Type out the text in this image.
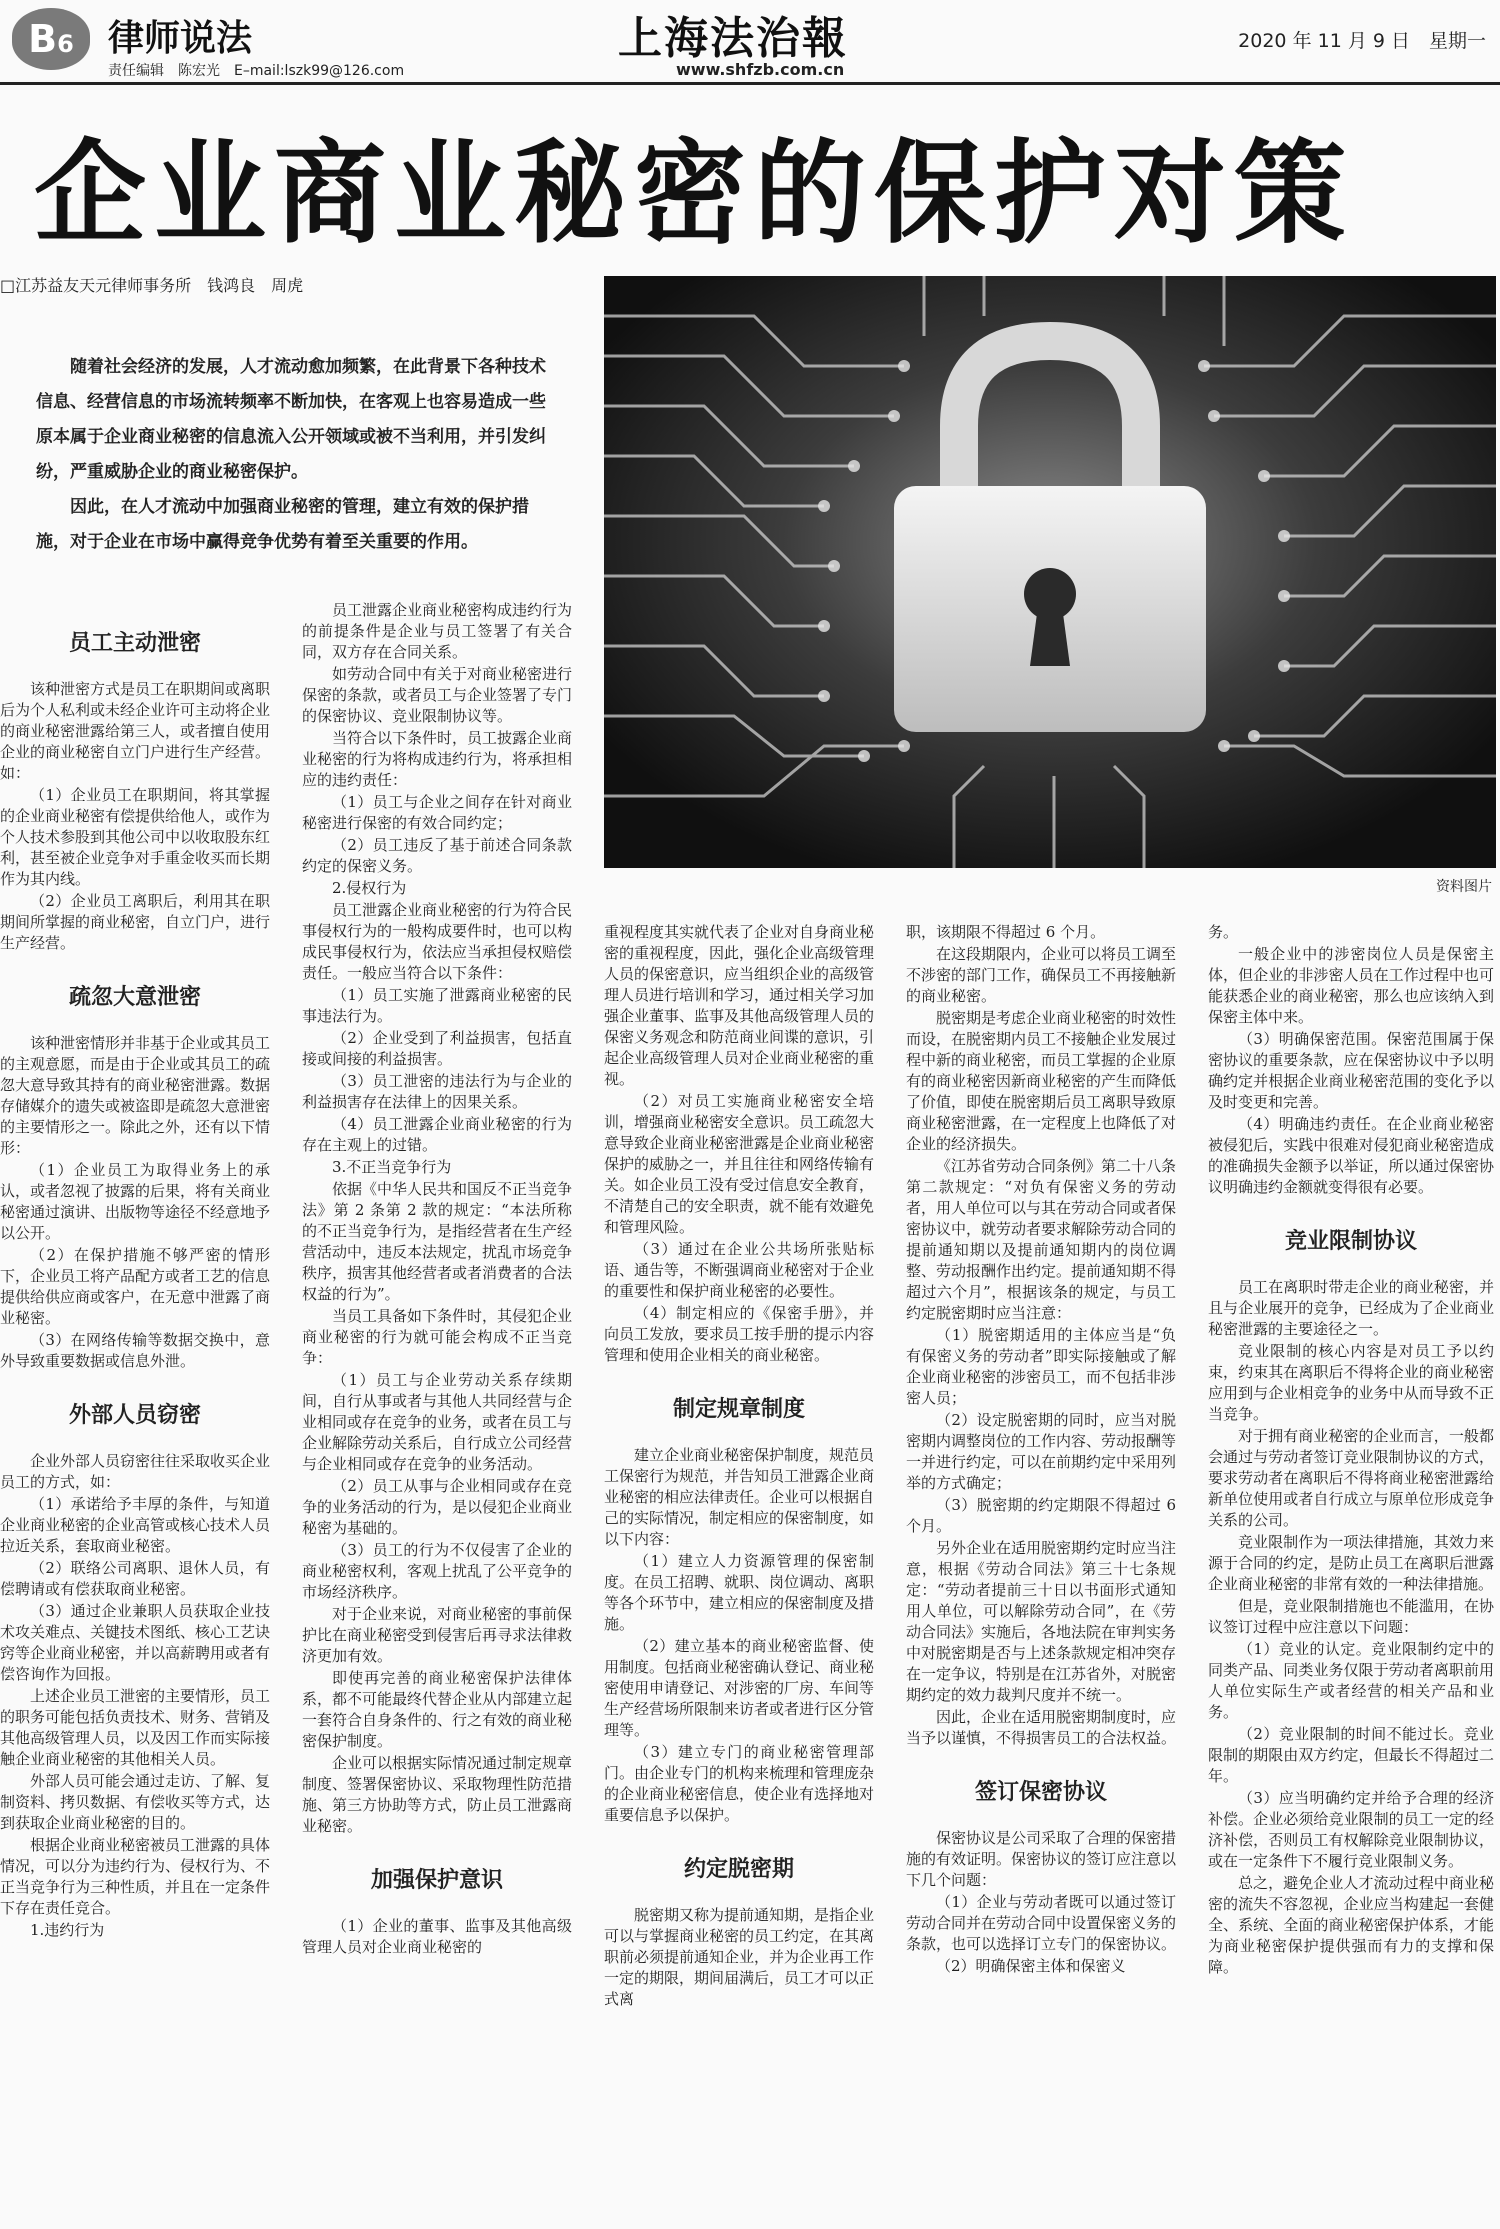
B 6 律师说法
责任编辑　陈宏光　E–mail:lszk99@126.com
上海法治報
www.shfzb.com.cn
2020 年 11 月 9 日　星期一
企业商业秘密的保护对策
□江苏益友天元律师事务所　钱鸿良　周虎

随着社会经济的发展，人才流动愈加频繁，在此背景下各种技术信息、经营信息的市场流转频率不断加快，在客观上也容易造成一些原本属于企业商业秘密的信息流入公开领域或被不当利用，并引发纠纷，严重威胁企业的商业秘密保护。

因此，在人才流动中加强商业秘密的管理，建立有效的保护措施，对于企业在市场中赢得竞争优势有着至关重要的作用。

资料图片
员工主动泄密

该种泄密方式是员工在职期间或离职后为个人私利或未经企业许可主动将企业的商业秘密泄露给第三人，或者擅自使用企业的商业秘密自立门户进行生产经营。如：

（1）企业员工在职期间，将其掌握的企业商业秘密有偿提供给他人，或作为个人技术参股到其他公司中以收取股东红利，甚至被企业竞争对手重金收买而长期作为其内线。

（2）企业员工离职后，利用其在职期间所掌握的商业秘密，自立门户，进行生产经营。

疏忽大意泄密

该种泄密情形并非基于企业或其员工的主观意愿，而是由于企业或其员工的疏忽大意导致其持有的商业秘密泄露。数据存储媒介的遗失或被盗即是疏忽大意泄密的主要情形之一。除此之外，还有以下情形：

（1）企业员工为取得业务上的承认，或者忽视了披露的后果，将有关商业秘密通过演讲、出版物等途径不经意地予以公开。

（2）在保护措施不够严密的情形下，企业员工将产品配方或者工艺的信息提供给供应商或客户，在无意中泄露了商业秘密。

（3）在网络传输等数据交换中，意外导致重要数据或信息外泄。

外部人员窃密

企业外部人员窃密往往采取收买企业员工的方式，如：

（1）承诺给予丰厚的条件，与知道企业商业秘密的企业高管或核心技术人员拉近关系，套取商业秘密。

（2）联络公司离职、退休人员，有偿聘请或有偿获取商业秘密。

（3）通过企业兼职人员获取企业技术攻关难点、关键技术图纸、核心工艺诀窍等企业商业秘密，并以高薪聘用或者有偿咨询作为回报。

上述企业员工泄密的主要情形，员工的职务可能包括负责技术、财务、营销及其他高级管理人员，以及因工作而实际接触企业商业秘密的其他相关人员。

外部人员可能会通过走访、了解、复制资料、拷贝数据、有偿收买等方式，达到获取企业商业秘密的目的。

根据企业商业秘密被员工泄露的具体情况，可以分为违约行为、侵权行为、不正当竞争行为三种性质，并且在一定条件下存在责任竞合。

1.违约行为

员工泄露企业商业秘密构成违约行为的前提条件是企业与员工签署了有关合同，双方存在合同关系。

如劳动合同中有关于对商业秘密进行保密的条款，或者员工与企业签署了专门的保密协议、竞业限制协议等。

当符合以下条件时，员工披露企业商业秘密的行为将构成违约行为，将承担相应的违约责任：

（1）员工与企业之间存在针对商业秘密进行保密的有效合同约定；

（2）员工违反了基于前述合同条款约定的保密义务。

2.侵权行为

员工泄露企业商业秘密的行为符合民事侵权行为的一般构成要件时，也可以构成民事侵权行为，依法应当承担侵权赔偿责任。一般应当符合以下条件：

（1）员工实施了泄露商业秘密的民事违法行为。

（2）企业受到了利益损害，包括直接或间接的利益损害。

（3）员工泄密的违法行为与企业的利益损害存在法律上的因果关系。

（4）员工泄露企业商业秘密的行为存在主观上的过错。

3.不正当竞争行为

依据《中华人民共和国反不正当竞争法》第 2 条第 2 款的规定：“本法所称的不正当竞争行为，是指经营者在生产经营活动中，违反本法规定，扰乱市场竞争秩序，损害其他经营者或者消费者的合法权益的行为”。

当员工具备如下条件时，其侵犯企业商业秘密的行为就可能会构成不正当竞争：

（1）员工与企业劳动关系存续期间，自行从事或者与其他人共同经营与企业相同或存在竞争的业务，或者在员工与企业解除劳动关系后，自行成立公司经营与企业相同或存在竞争的业务活动。

（2）员工从事与企业相同或存在竞争的业务活动的行为，是以侵犯企业商业秘密为基础的。

（3）员工的行为不仅侵害了企业的商业秘密权利，客观上扰乱了公平竞争的市场经济秩序。

对于企业来说，对商业秘密的事前保护比在商业秘密受到侵害后再寻求法律救济更加有效。

即使再完善的商业秘密保护法律体系，都不可能最终代替企业从内部建立起一套符合自身条件的、行之有效的商业秘密保护制度。

企业可以根据实际情况通过制定规章制度、签署保密协议、采取物理性防范措施、第三方协助等方式，防止员工泄露商业秘密。

加强保护意识

（1）企业的董事、监事及其他高级管理人员对企业商业秘密的

重视程度其实就代表了企业对自身商业秘密的重视程度，因此，强化企业高级管理人员的保密意识，应当组织企业的高级管理人员进行培训和学习，通过相关学习加强企业董事、监事及其他高级管理人员的保密义务观念和防范商业间谍的意识，引起企业高级管理人员对企业商业秘密的重视。

（2）对员工实施商业秘密安全培训，增强商业秘密安全意识。员工疏忽大意导致企业商业秘密泄露是企业商业秘密保护的威胁之一，并且往往和网络传输有关。如企业员工没有受过信息安全教育，不清楚自己的安全职责，就不能有效避免和管理风险。

（3）通过在企业公共场所张贴标语、通告等，不断强调商业秘密对于企业的重要性和保护商业秘密的必要性。

（4）制定相应的《保密手册》，并向员工发放，要求员工按手册的提示内容管理和使用企业相关的商业秘密。

制定规章制度

建立企业商业秘密保护制度，规范员工保密行为规范，并告知员工泄露企业商业秘密的相应法律责任。企业可以根据自己的实际情况，制定相应的保密制度，如以下内容：

（1）建立人力资源管理的保密制度。在员工招聘、就职、岗位调动、离职等各个环节中，建立相应的保密制度及措施。

（2）建立基本的商业秘密监督、使用制度。包括商业秘密确认登记、商业秘密使用申请登记、对涉密的厂房、车间等生产经营场所限制来访者或者进行区分管理等。

（3）建立专门的商业秘密管理部门。由企业专门的机构来梳理和管理庞杂的企业商业秘密信息，使企业有选择地对重要信息予以保护。

约定脱密期

脱密期又称为提前通知期，是指企业可以与掌握商业秘密的员工约定，在其离职前必须提前通知企业，并为企业再工作一定的期限，期间届满后，员工才可以正式离

职，该期限不得超过 6 个月。

在这段期限内，企业可以将员工调至不涉密的部门工作，确保员工不再接触新的商业秘密。

脱密期是考虑企业商业秘密的时效性而设，在脱密期内员工不接触企业发展过程中新的商业秘密，而员工掌握的企业原有的商业秘密因新商业秘密的产生而降低了价值，即使在脱密期后员工离职导致原商业秘密泄露，在一定程度上也降低了对企业的经济损失。

《江苏省劳动合同条例》第二十八条第二款规定：“对负有保密义务的劳动者，用人单位可以与其在劳动合同或者保密协议中，就劳动者要求解除劳动合同的提前通知期以及提前通知期内的岗位调整、劳动报酬作出约定。提前通知期不得超过六个月”，根据该条的规定，与员工约定脱密期时应当注意：

（1）脱密期适用的主体应当是“负有保密义务的劳动者”即实际接触或了解企业商业秘密的涉密员工，而不包括非涉密人员；

（2）设定脱密期的同时，应当对脱密期内调整岗位的工作内容、劳动报酬等一并进行约定，可以在前期约定中采用列举的方式确定；

（3）脱密期的约定期限不得超过 6 个月。

另外企业在适用脱密期约定时应当注意，根据《劳动合同法》第三十七条规定：“劳动者提前三十日以书面形式通知用人单位，可以解除劳动合同”，在《劳动合同法》实施后，各地法院在审判实务中对脱密期是否与上述条款规定相冲突存在一定争议，特别是在江苏省外，对脱密期约定的效力裁判尺度并不统一。

因此，企业在适用脱密期制度时，应当予以谨慎，不得损害员工的合法权益。

签订保密协议

保密协议是公司采取了合理的保密措施的有效证明。保密协议的签订应注意以下几个问题：

（1）企业与劳动者既可以通过签订劳动合同并在劳动合同中设置保密义务的条款，也可以选择订立专门的保密协议。

（2）明确保密主体和保密义

务。

一般企业中的涉密岗位人员是保密主体，但企业的非涉密人员在工作过程中也可能获悉企业的商业秘密，那么也应该纳入到保密主体中来。

（3）明确保密范围。保密范围属于保密协议的重要条款，应在保密协议中予以明确约定并根据企业商业秘密范围的变化予以及时变更和完善。

（4）明确违约责任。在企业商业秘密被侵犯后，实践中很难对侵犯商业秘密造成的准确损失金额予以举证，所以通过保密协议明确违约金额就变得很有必要。

竞业限制协议

员工在离职时带走企业的商业秘密，并且与企业展开的竞争，已经成为了企业商业秘密泄露的主要途径之一。

竞业限制的核心内容是对员工予以约束，约束其在离职后不得将企业的商业秘密应用到与企业相竞争的业务中从而导致不正当竞争。

对于拥有商业秘密的企业而言，一般都会通过与劳动者签订竞业限制协议的方式，要求劳动者在离职后不得将商业秘密泄露给新单位使用或者自行成立与原单位形成竞争关系的公司。

竞业限制作为一项法律措施，其效力来源于合同的约定，是防止员工在离职后泄露企业商业秘密的非常有效的一种法律措施。

但是，竞业限制措施也不能滥用，在协议签订过程中应注意以下问题：

（1）竞业的认定。竞业限制约定中的同类产品、同类业务仅限于劳动者离职前用人单位实际生产或者经营的相关产品和业务。

（2）竞业限制的时间不能过长。竞业限制的期限由双方约定，但最长不得超过二年。

（3）应当明确约定并给予合理的经济补偿。企业必须给竞业限制的员工一定的经济补偿，否则员工有权解除竞业限制协议，或在一定条件下不履行竞业限制义务。

总之，避免企业人才流动过程中商业秘密的流失不容忽视，企业应当构建起一套健全、系统、全面的商业秘密保护体系，才能为商业秘密保护提供强而有力的支撑和保障。
